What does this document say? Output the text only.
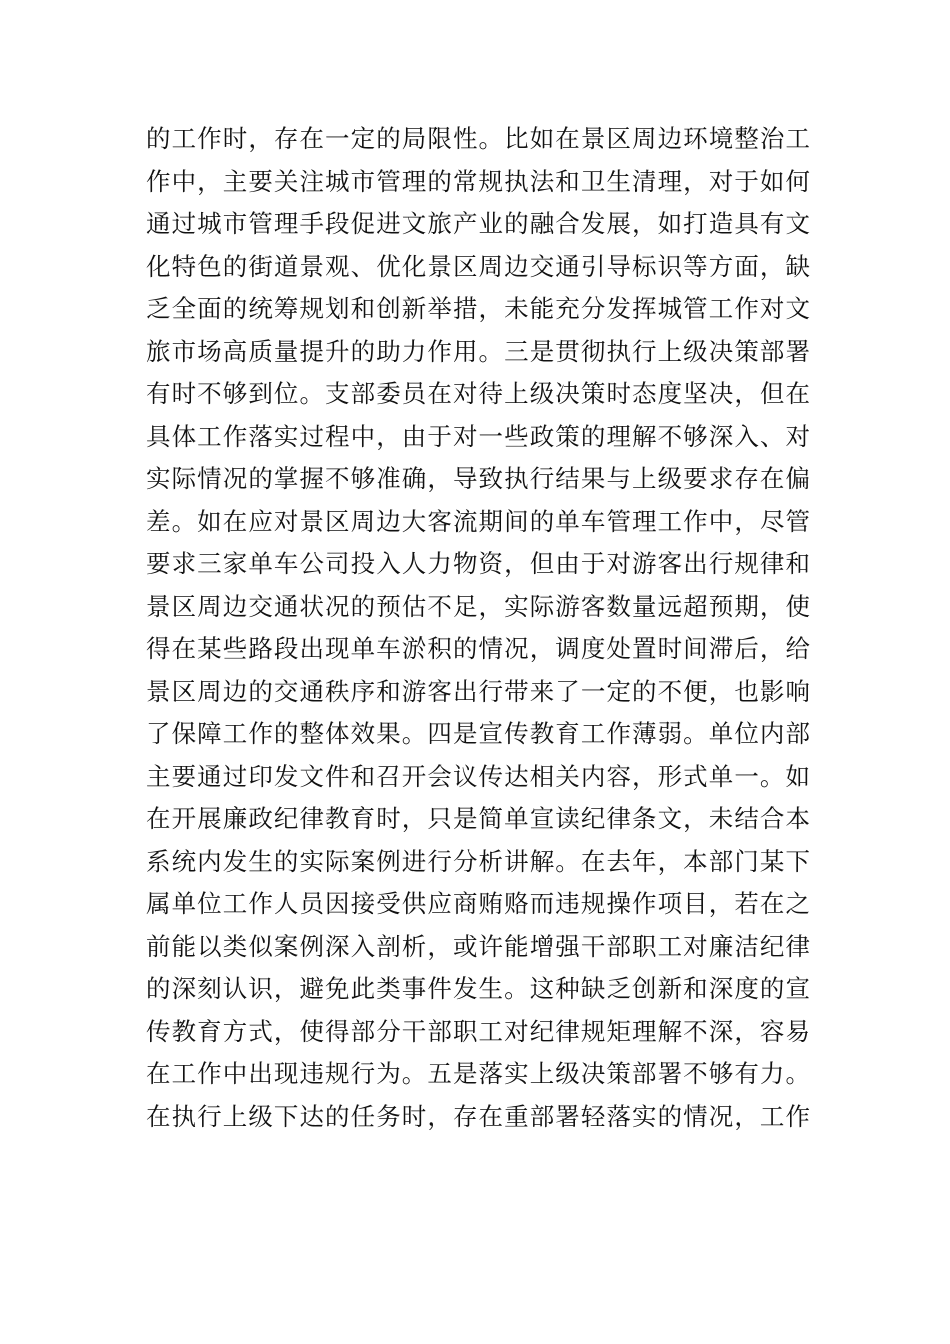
的工作时，存在一定的局限性。比如在景区周边环境整治工
作中，主要关注城市管理的常规执法和卫生清理，对于如何
通过城市管理手段促进文旅产业的融合发展，如打造具有文
化特色的街道景观、优化景区周边交通引导标识等方面，缺
乏全面的统筹规划和创新举措，未能充分发挥城管工作对文
旅市场高质量提升的助力作用。三是贯彻执行上级决策部署
有时不够到位。支部委员在对待上级决策时态度坚决，但在
具体工作落实过程中，由于对一些政策的理解不够深入、对
实际情况的掌握不够准确，导致执行结果与上级要求存在偏
差。如在应对景区周边大客流期间的单车管理工作中，尽管
要求三家单车公司投入人力物资，但由于对游客出行规律和
景区周边交通状况的预估不足，实际游客数量远超预期，使
得在某些路段出现单车淤积的情况，调度处置时间滞后，给
景区周边的交通秩序和游客出行带来了一定的不便，也影响
了保障工作的整体效果。四是宣传教育工作薄弱。单位内部
主要通过印发文件和召开会议传达相关内容，形式单一。如
在开展廉政纪律教育时，只是简单宣读纪律条文，未结合本
系统内发生的实际案例进行分析讲解。在去年，本部门某下
属单位工作人员因接受供应商贿赂而违规操作项目，若在之
前能以类似案例深入剖析，或许能增强干部职工对廉洁纪律
的深刻认识，避免此类事件发生。这种缺乏创新和深度的宣
传教育方式，使得部分干部职工对纪律规矩理解不深，容易
在工作中出现违规行为。五是落实上级决策部署不够有力。
在执行上级下达的任务时，存在重部署轻落实的情况，工作
